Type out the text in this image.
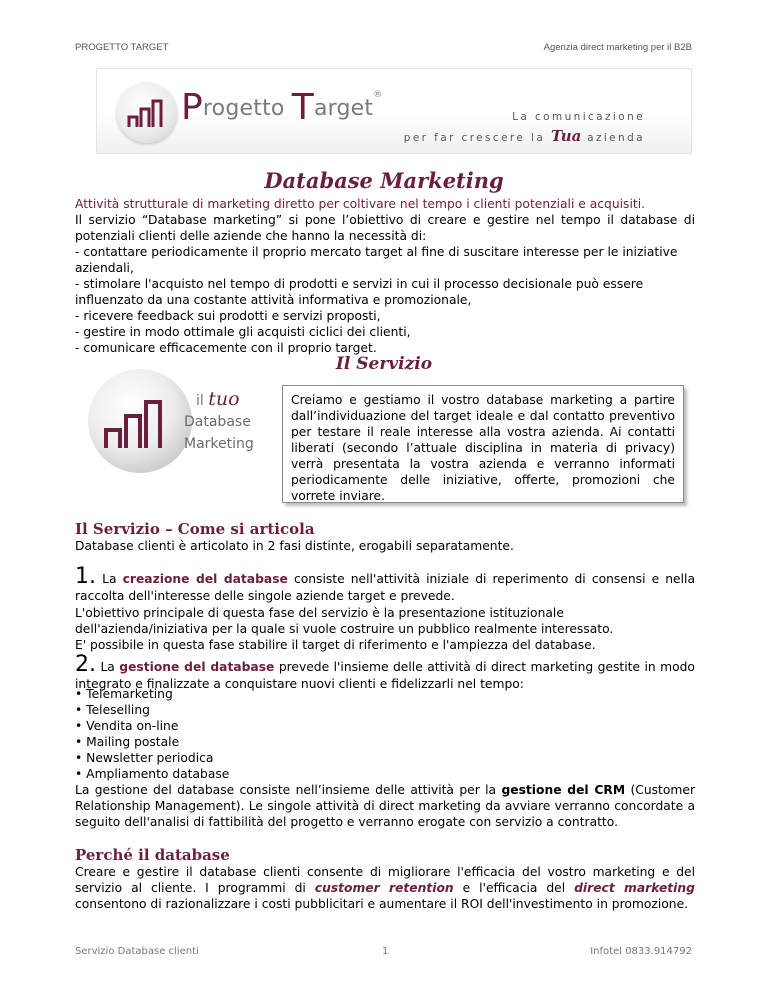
PROGETTO TARGET	Agenzia direct marketing per il B2B
Progetto Target®
La comunicazione
per far crescere la Tua azienda
Database Marketing
Attività strutturale di marketing diretto per coltivare nel tempo i clienti potenziali e acquisiti.
Il servizio “Database marketing” si pone l’obiettivo di creare e gestire nel tempo il database di potenziali clienti delle aziende che hanno la necessità di:
- contattare periodicamente il proprio mercato target al fine di suscitare interesse per le iniziative aziendali,
- stimolare l'acquisto nel tempo di prodotti e servizi in cui il processo decisionale può essere influenzato da una costante attività informativa e promozionale,
- ricevere feedback sui prodotti e servizi proposti,
- gestire in modo ottimale gli acquisti ciclici dei clienti,
- comunicare efficacemente con il proprio target.
Il Servizio
il tuo
Database
Marketing
Creiamo e gestiamo il vostro database marketing a partire dall’individuazione del target ideale e dal contatto preventivo per testare il reale interesse alla vostra azienda. Ai contatti liberati (secondo l’attuale disciplina in materia di privacy) verrà presentata la vostra azienda e verranno informati periodicamente delle iniziative, offerte, promozioni che vorrete inviare.
Il Servizio – Come si articola
Database clienti è articolato in 2 fasi distinte, erogabili separatamente.
1. La creazione del database consiste nell'attività iniziale di reperimento di consensi e nella raccolta dell'interesse delle singole aziende target e prevede.
L'obiettivo principale di questa fase del servizio è la presentazione istituzionale dell'azienda/iniziativa per la quale si vuole costruire un pubblico realmente interessato.
E' possibile in questa fase stabilire il target di riferimento e l'ampiezza del database.
2. La gestione del database prevede l'insieme delle attività di direct marketing gestite in modo integrato e finalizzate a conquistare nuovi clienti e fidelizzarli nel tempo:
• Telemarketing
• Teleselling
• Vendita on-line
• Mailing postale
• Newsletter periodica
• Ampliamento database
La gestione del database consiste nell’insieme delle attività per la gestione del CRM (Customer Relationship Management). Le singole attività di direct marketing da avviare verranno concordate a seguito dell'analisi di fattibilità del progetto e verranno erogate con servizio a contratto.
Perché il database
Creare e gestire il database clienti consente di migliorare l'efficacia del vostro marketing e del servizio al cliente. I programmi di customer retention e l'efficacia del direct marketing consentono di razionalizzare i costi pubblicitari e aumentare il ROI dell'investimento in promozione.
Servizio Database clienti	1	Infotel 0833.914792
